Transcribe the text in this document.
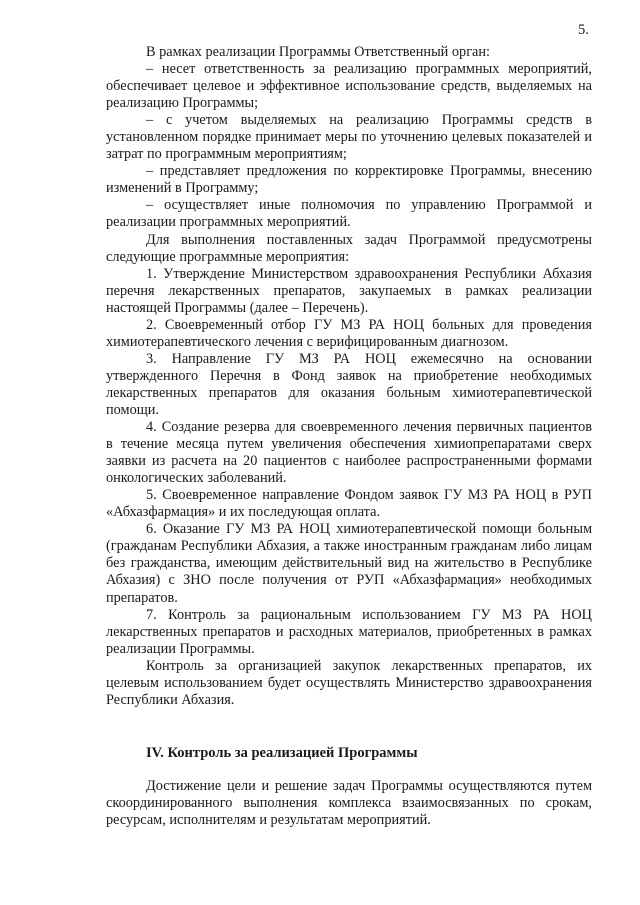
5.

В рамках реализации Программы Ответственный орган:

– несет ответственность за реализацию программных мероприятий, обеспечивает целевое и эффективное использование средств, выделяемых на реализацию Программы;

– с учетом выделяемых на реализацию Программы средств в установленном порядке принимает меры по уточнению целевых показателей и затрат по программным мероприятиям;

– представляет предложения по корректировке Программы, внесению изменений в Программу;

– осуществляет иные полномочия по управлению Программой и реализации программных мероприятий.

Для выполнения поставленных задач Программой предусмотрены следующие программные мероприятия:

1. Утверждение Министерством здравоохранения Республики Абхазия перечня лекарственных препаратов, закупаемых в рамках реализации настоящей Программы (далее – Перечень).

2. Своевременный отбор ГУ МЗ РА НОЦ больных для проведения химиотерапевтического лечения с верифицированным диагнозом.

3. Направление ГУ МЗ РА НОЦ ежемесячно на основании утвержденного Перечня в Фонд заявок на приобретение необходимых лекарственных препаратов для оказания больным химиотерапевтической помощи.

4. Создание резерва для своевременного лечения первичных пациентов в течение месяца путем увеличения обеспечения химиопрепаратами сверх заявки из расчета на 20 пациентов с наиболее распространенными формами онкологических заболеваний.

5. Своевременное направление Фондом заявок ГУ МЗ РА НОЦ в РУП «Абхазфармация» и их последующая оплата.

6. Оказание ГУ МЗ РА НОЦ химиотерапевтической помощи больным (гражданам Республики Абхазия, а также иностранным гражданам либо лицам без гражданства, имеющим действительный вид на жительство в Республике Абхазия) с ЗНО после получения от РУП «Абхазфармация» необходимых препаратов.

7. Контроль за рациональным использованием ГУ МЗ РА НОЦ лекарственных препаратов и расходных материалов, приобретенных в рамках реализации Программы.

Контроль за организацией закупок лекарственных препаратов, их целевым использованием будет осуществлять Министерство здравоохранения Республики Абхазия.

IV. Контроль за реализацией Программы

Достижение цели и решение задач Программы осуществляются путем скоординированного выполнения комплекса взаимосвязанных по срокам, ресурсам, исполнителям и результатам мероприятий.
